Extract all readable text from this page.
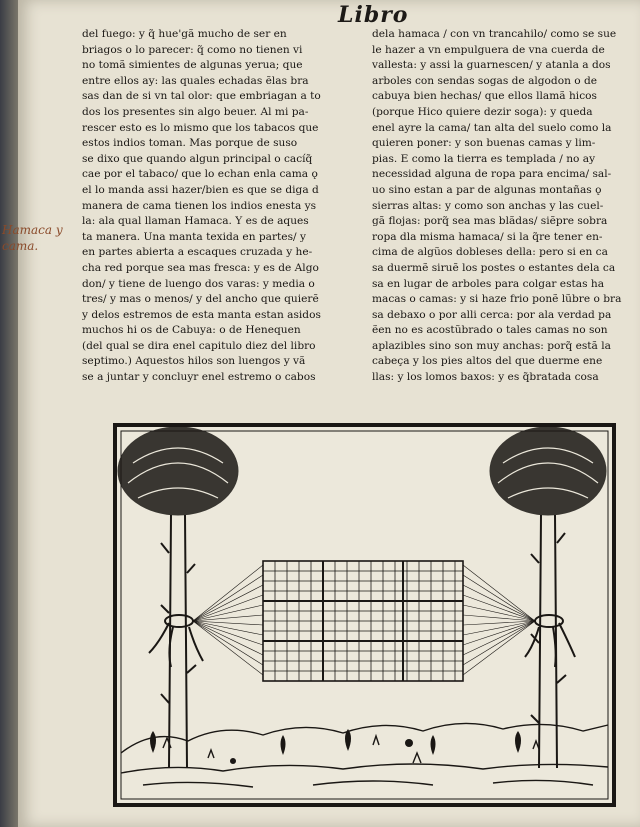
Libro
Hamaca y
cama.
del fuego: y q̃ hue'gã mucho de ser en
briagos o lo parecer: q̃ como no tienen vi
no tomã simientes de algunas yerua; que
entre ellos ay: las quales echadas ẽlas bra
sas dan de si vn tal olor: que embriagan a to
dos los presentes sin algo beuer. Al mi pa-
rescer esto es lo mismo que los tabacos que
estos indios toman. Mas porque de suso
se dixo que quando algun principal o cacíq̃
cae por el tabaco/ que lo echan enla cama ǫ
el lo manda assi hazer/bien es que se diga d
manera de cama tienen los indios enesta ys
la: ala qual llaman Hamaca. Y es de aques
ta manera. Una manta texida en partes/ y
en partes abierta a escaques cruzada y he-
cha red porque sea mas fresca: y es de Algo
don/ y tiene de luengo dos varas: y media o
tres/ y mas o menos/ y del ancho que quierẽ
y delos estremos de esta manta estan asidos
muchos hi os de Cabuya: o de Henequen
(del qual se dira enel capitulo diez del libro
septimo.) Aquestos hilos son luengos y vã
se a juntar y concluyr enel estremo o cabos
dela hamaca / con vn trancahilo/ como se sue
le hazer a vn empulguera de vna cuerda de
vallesta: y assi la guarnescen/ y atanla a dos
arboles con sendas sogas de algodon o de
cabuya bien hechas/ que ellos llamã hicos
(porque Hico quiere dezir soga): y queda
enel ayre la cama/ tan alta del suelo como la
quieren poner: y son buenas camas y lim-
pias. E como la tierra es templada / no ay
necessidad alguna de ropa para encima/ sal-
uo sino estan a par de algunas montañas ǫ
sierras altas: y como son anchas y las cuel-
gã flojas: porq̃ sea mas blãdas/ siẽpre sobra
ropa dla misma hamaca/ si la q̃re tener en-
cima de algũos dobleses della: pero si en ca
sa duermẽ siruẽ los postes o estantes dela ca
sa en lugar de arboles para colgar estas ha
macas o camas: y si haze frio ponẽ lũbre o bra
sa debaxo o por alli cerca: por ala verdad pa
ẽen no es acostũbrado o tales camas no son
aplazibles sino son muy anchas: porq̃ estã la
cabeça y los pies altos del que duerme ene
llas: y los lomos baxos: y es q̃bratada cosa
